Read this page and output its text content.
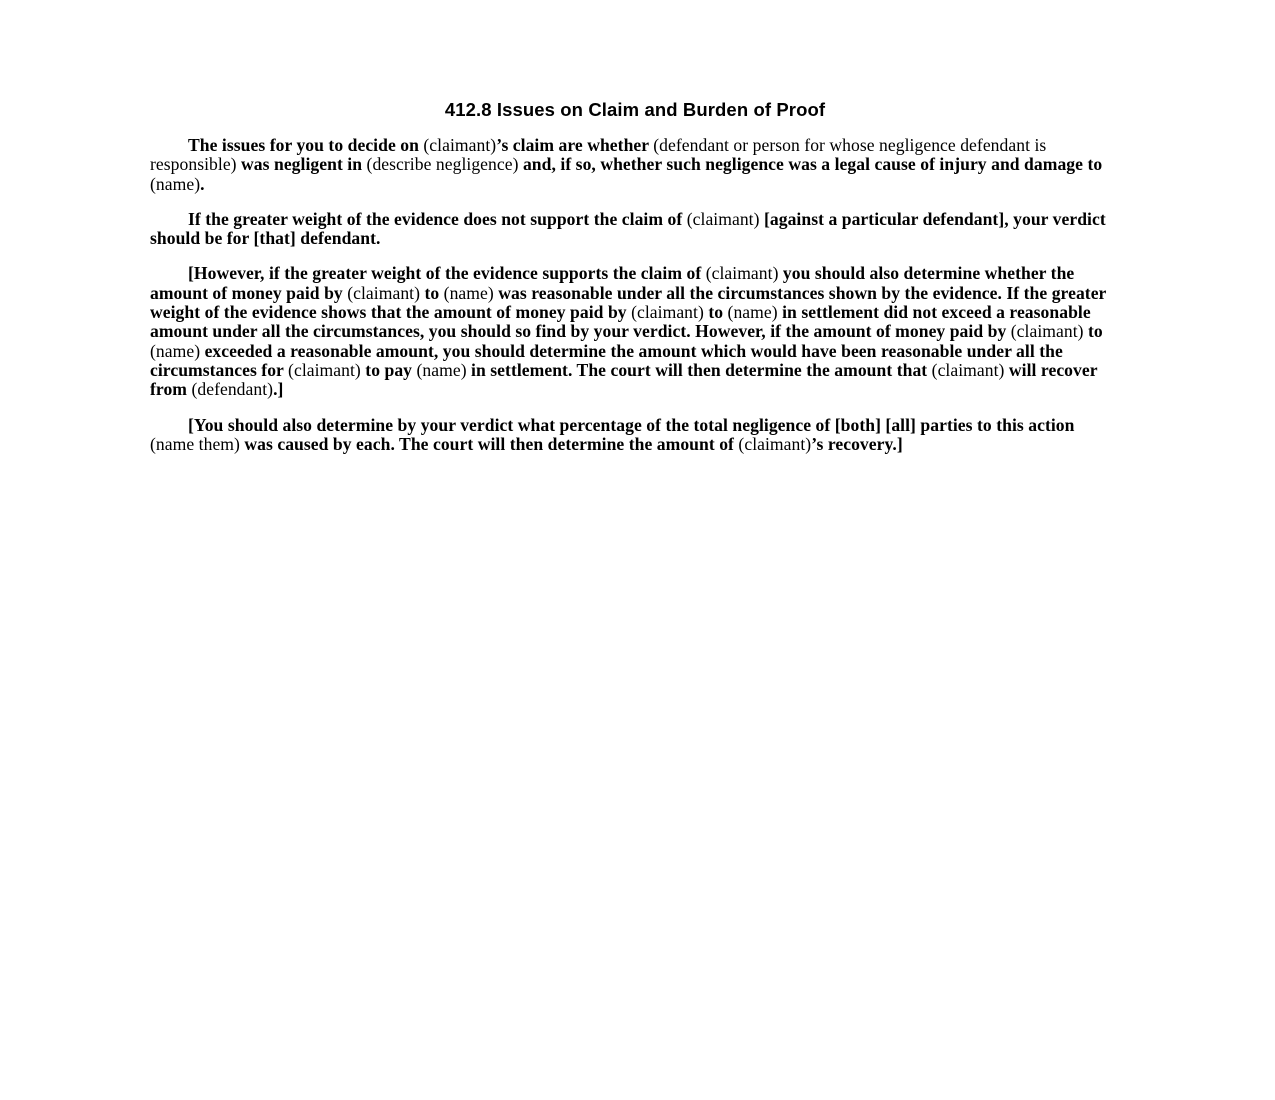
412.8 Issues on Claim and Burden of Proof

The issues for you to decide on (claimant)’s claim are whether (defendant or person for whose negligence defendant is responsible) was negligent in (describe negligence) and, if so, whether such negligence was a legal cause of injury and damage to (name).

If the greater weight of the evidence does not support the claim of (claimant) [against a particular defendant], your verdict should be for [that] defendant.

[However, if the greater weight of the evidence supports the claim of (claimant) you should also determine whether the amount of money paid by (claimant) to (name) was reasonable under all the circumstances shown by the evidence. If the greater weight of the evidence shows that the amount of money paid by (claimant) to (name) in settlement did not exceed a reasonable amount under all the circumstances, you should so find by your verdict. However, if the amount of money paid by (claimant) to (name) exceeded a reasonable amount, you should determine the amount which would have been reasonable under all the circumstances for (claimant) to pay (name) in settlement. The court will then determine the amount that (claimant) will recover from (defendant).]

[You should also determine by your verdict what percentage of the total negligence of [both] [all] parties to this action (name them) was caused by each. The court will then determine the amount of (claimant)’s recovery.]
